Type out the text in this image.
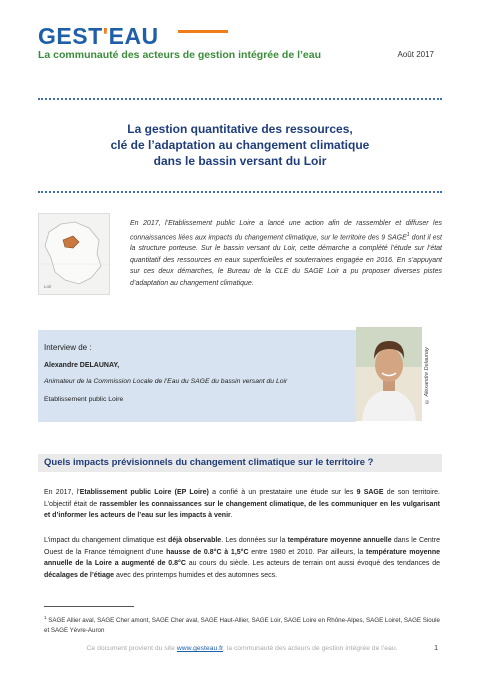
GEST'EAU
La communauté des acteurs de gestion intégrée de l’eau	Août 2017
La gestion quantitative des ressources,
clé de l’adaptation au changement climatique
dans le bassin versant du Loir
Loir
En 2017, l’Etablissement public Loire a lancé une action afin de rassembler et diffuser les connaissances liées aux impacts du changement climatique, sur le territoire des 9 SAGE$^1$ dont il est la structure porteuse. Sur le bassin versant du Loir, cette démarche a complété l’étude sur l’état quantitatif des ressources en eaux superficielles et souterraines engagée en 2016. En s’appuyant sur ces deux démarches, le Bureau de la CLE du SAGE Loir a pu proposer diverses pistes d’adaptation au changement climatique.
Interview de :
Alexandre DELAUNAY,
Animateur de la Commission Locale de l’Eau du SAGE du bassin versant du Loir
Etablissement public Loire	© Alexandre Delaunay
Quels impacts prévisionnels du changement climatique sur le territoire ?
En 2017, l’Etablissement public Loire (EP Loire) a confié à un prestataire une étude sur les 9 SAGE de son territoire. L’objectif était de rassembler les connaissances sur le changement climatique, de les communiquer en les vulgarisant et d’informer les acteurs de l’eau sur les impacts à venir.
L’impact du changement climatique est déjà observable. Les données sur la température moyenne annuelle dans le Centre Ouest de la France témoignent d’une hausse de 0.8°C à 1,5°C entre 1980 et 2010. Par ailleurs, la température moyenne annuelle de la Loire a augmenté de 0.8°C au cours du siècle. Les acteurs de terrain ont aussi évoqué des tendances de décalages de l’étiage avec des printemps humides et des automnes secs.
$^1$ SAGE Allier aval, SAGE Cher amont, SAGE Cher aval, SAGE Haut-Allier, SAGE Loir, SAGE Loire en Rhône-Alpes, SAGE Loiret, SAGE Sioule et SAGE Yèvre-Auron
Ce document provient du site www.gesteau.fr, la communauté des acteurs de gestion intégrée de l’eau.	1
